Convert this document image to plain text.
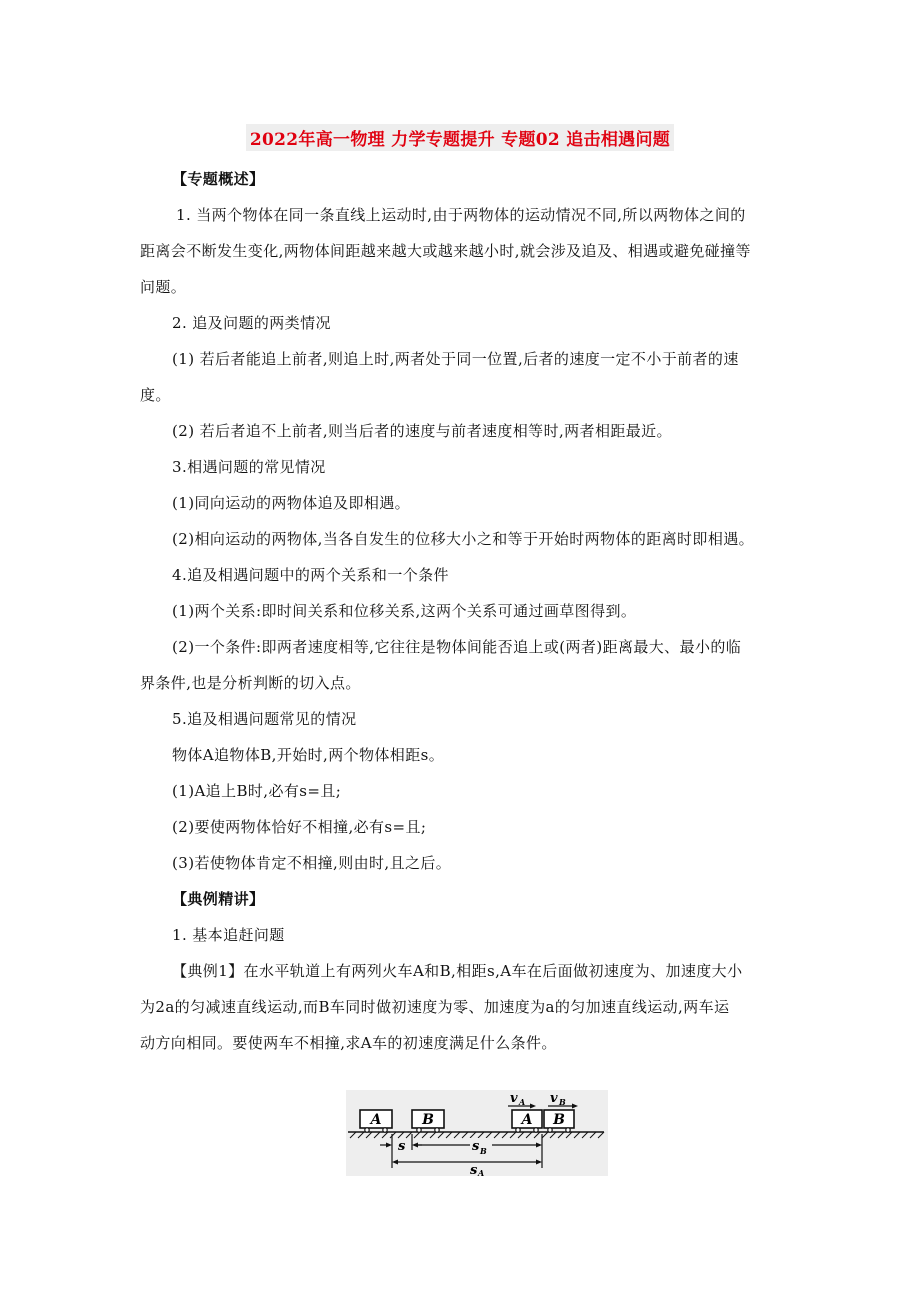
2022年高一物理 力学专题提升 专题02 追击相遇问题
【专题概述】
1. 当两个物体在同一条直线上运动时,由于两物体的运动情况不同,所以两物体之间的
距离会不断发生变化,两物体间距越来越大或越来越小时,就会涉及追及、相遇或避免碰撞等
问题。
2. 追及问题的两类情况
(1) 若后者能追上前者,则追上时,两者处于同一位置,后者的速度一定不小于前者的速
度。
(2) 若后者追不上前者,则当后者的速度与前者速度相等时,两者相距最近。
3.相遇问题的常见情况
(1)同向运动的两物体追及即相遇。
(2)相向运动的两物体,当各自发生的位移大小之和等于开始时两物体的距离时即相遇。
4.追及相遇问题中的两个关系和一个条件
(1)两个关系:即时间关系和位移关系,这两个关系可通过画草图得到。
(2)一个条件:即两者速度相等,它往往是物体间能否追上或(两者)距离最大、最小的临
界条件,也是分析判断的切入点。
5.追及相遇问题常见的情况
物体A追物体B,开始时,两个物体相距s。
(1)A追上B时,必有s=且;
(2)要使两物体恰好不相撞,必有s=且;
(3)若使物体肯定不相撞,则由时,且之后。
【典例精讲】
1. 基本追赶问题
【典例1】在水平轨道上有两列火车A和B,相距s,A车在后面做初速度为、加速度大小
为2a的匀减速直线运动,而B车同时做初速度为零、加速度为a的匀加速直线运动,两车运
动方向相同。要使两车不相撞,求A车的初速度满足什么条件。
A	B	A B
v A v B
s	s B
s A
